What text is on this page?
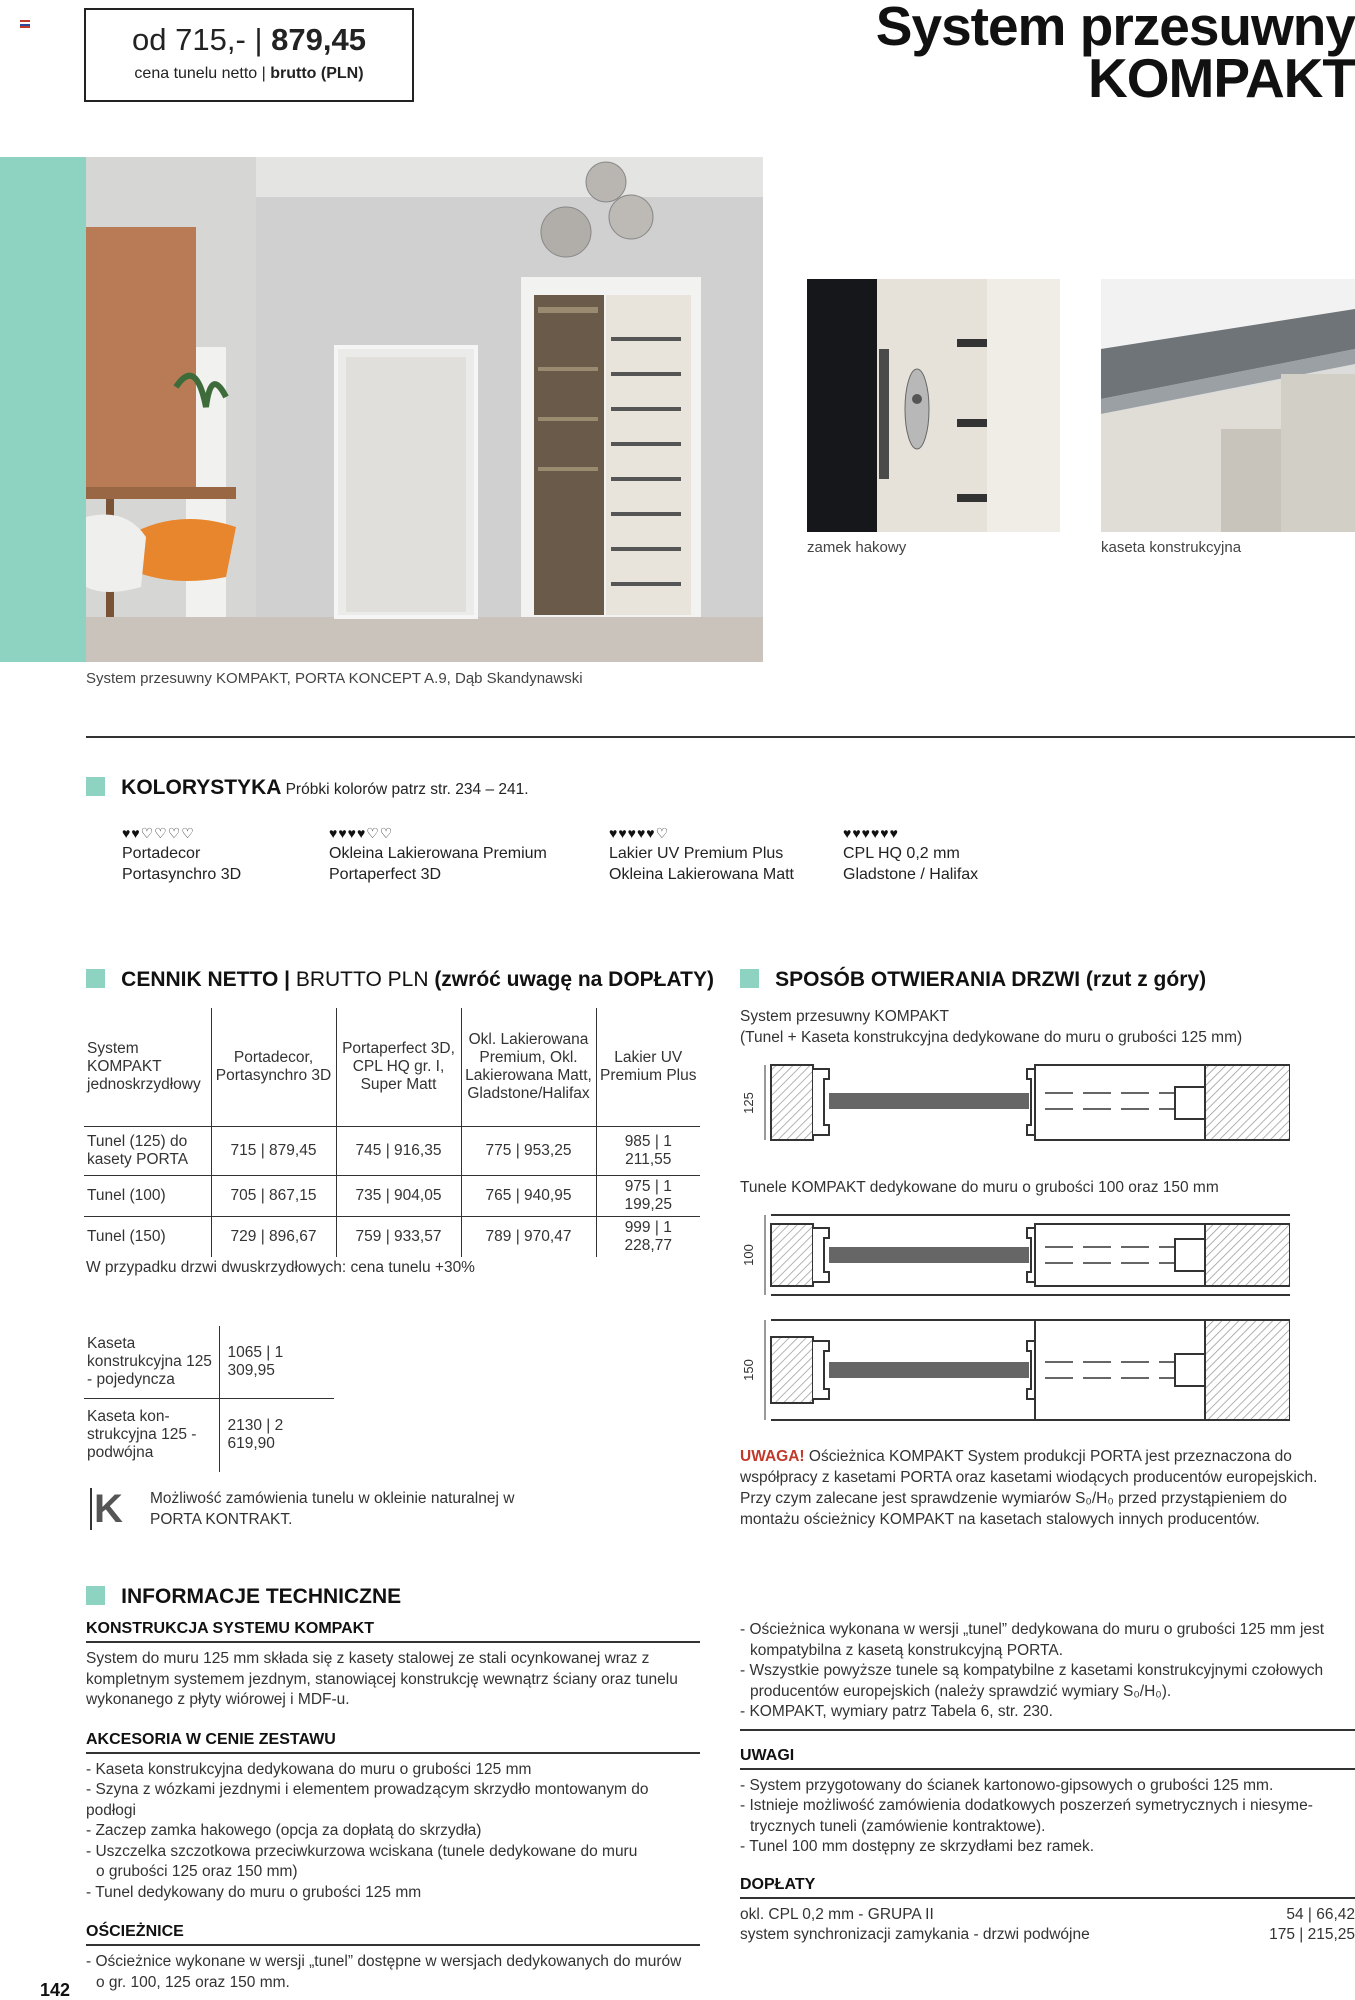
od 715,- | 879,45
cena tunelu netto | brutto (PLN)
System przesuwny
KOMPAKT
System przesuwny KOMPAKT, PORTA KONCEPT A.9, Dąb Skandynawski
zamek hakowy	kaseta konstrukcyjna
KOLORYSTYKA Próbki kolorów patrz str. 234 – 241.
♥♥♡♡♡♡
Portadecor
Portasynchro 3D
♥♥♥♥♡♡
Okleina Lakierowana Premium
Portaperfect 3D
♥♥♥♥♥♡
Lakier UV Premium Plus
Okleina Lakierowana Matt
♥♥♥♥♥♥
CPL HQ 0,2 mm
Gladstone / Halifax
CENNIK NETTO | BRUTTO PLN (zwróć uwagę na DOPŁATY)
System KOMPAKT jednoskrzydłowy	Portadecor, Portasynchro 3D	Portaperfect 3D, CPL HQ gr. I, Super Matt	Okl. Lakierowana Premium, Okl. Lakierowana Matt, Gladstone/Halifax	Lakier UV Premium Plus
Tunel (125) do kasety PORTA	715 | 879,45	745 | 916,35	775 | 953,25	985 | 1 211,55
Tunel (100)	705 | 867,15	735 | 904,05	765 | 940,95	975 | 1 199,25
Tunel (150)	729 | 896,67	759 | 933,57	789 | 970,47	999 | 1 228,77
W przypadku drzwi dwuskrzydłowych: cena tunelu +30%
Kaseta konstrukcyjna 125 - pojedyncza	1065 | 1 309,95
Kaseta kon-strukcyjna 125 - podwójna	2130 | 2 619,90
K Możliwość zamówienia tunelu w okleinie naturalnej w PORTA KONTRAKT.
SPOSÓB OTWIERANIA DRZWI (rzut z góry)
System przesuwny KOMPAKT
(Tunel + Kaseta konstrukcyjna dedykowane do muru o grubości 125 mm)
125
Tunele KOMPAKT dedykowane do muru o grubości 100 oraz 150 mm
100
150
UWAGA! Ościeżnica KOMPAKT System produkcji PORTA jest przeznaczona do współpracy z kasetami PORTA oraz kasetami wiodących producentów europejskich. Przy czym zalecane jest sprawdzenie wymiarów S₀/H₀ przed przystąpieniem do montażu ościeżnicy KOMPAKT na kasetach stalowych innych producentów.
INFORMACJE TECHNICZNE
KONSTRUKCJA SYSTEMU KOMPAKT
System do muru 125 mm składa się z kasety stalowej ze stali ocynkowanej wraz z kompletnym systemem jezdnym, stanowiącej konstrukcję wewnątrz ściany oraz tunelu wykonanego z płyty wiórowej i MDF-u.
AKCESORIA W CENIE ZESTAWU
- Kaseta konstrukcyjna dedykowana do muru o grubości 125 mm
- Szyna z wózkami jezdnymi i elementem prowadzącym skrzydło montowanym do podłogi
- Zaczep zamka hakowego (opcja za dopłatą do skrzydła)
- Uszczelka szczotkowa przeciwkurzowa wciskana (tunele dedykowane do muru
o grubości 125 oraz 150 mm)
- Tunel dedykowany do muru o grubości 125 mm
OŚCIEŻNICE
- Ościeżnice wykonane w wersji „tunel” dostępne w wersjach dedykowanych do murów
o gr. 100, 125 oraz 150 mm.
- Ościeżnica wykonana w wersji „tunel” dedykowana do muru o grubości 125 mm jest
kompatybilna z kasetą konstrukcyjną PORTA.
- Wszystkie powyższe tunele są kompatybilne z kasetami konstrukcyjnymi czołowych
producentów europejskich (należy sprawdzić wymiary S₀/H₀).
- KOMPAKT, wymiary patrz Tabela 6, str. 230.
UWAGI
- System przygotowany do ścianek kartonowo-gipsowych o grubości 125 mm.
- Istnieje możliwość zamówienia dodatkowych poszerzeń symetrycznych i niesyme-
trycznych tuneli (zamówienie kontraktowe).
- Tunel 100 mm dostępny ze skrzydłami bez ramek.
DOPŁATY
okl. CPL 0,2 mm - GRUPA II	54 | 66,42
system synchronizacji zamykania - drzwi podwójne	175 | 215,25
142
